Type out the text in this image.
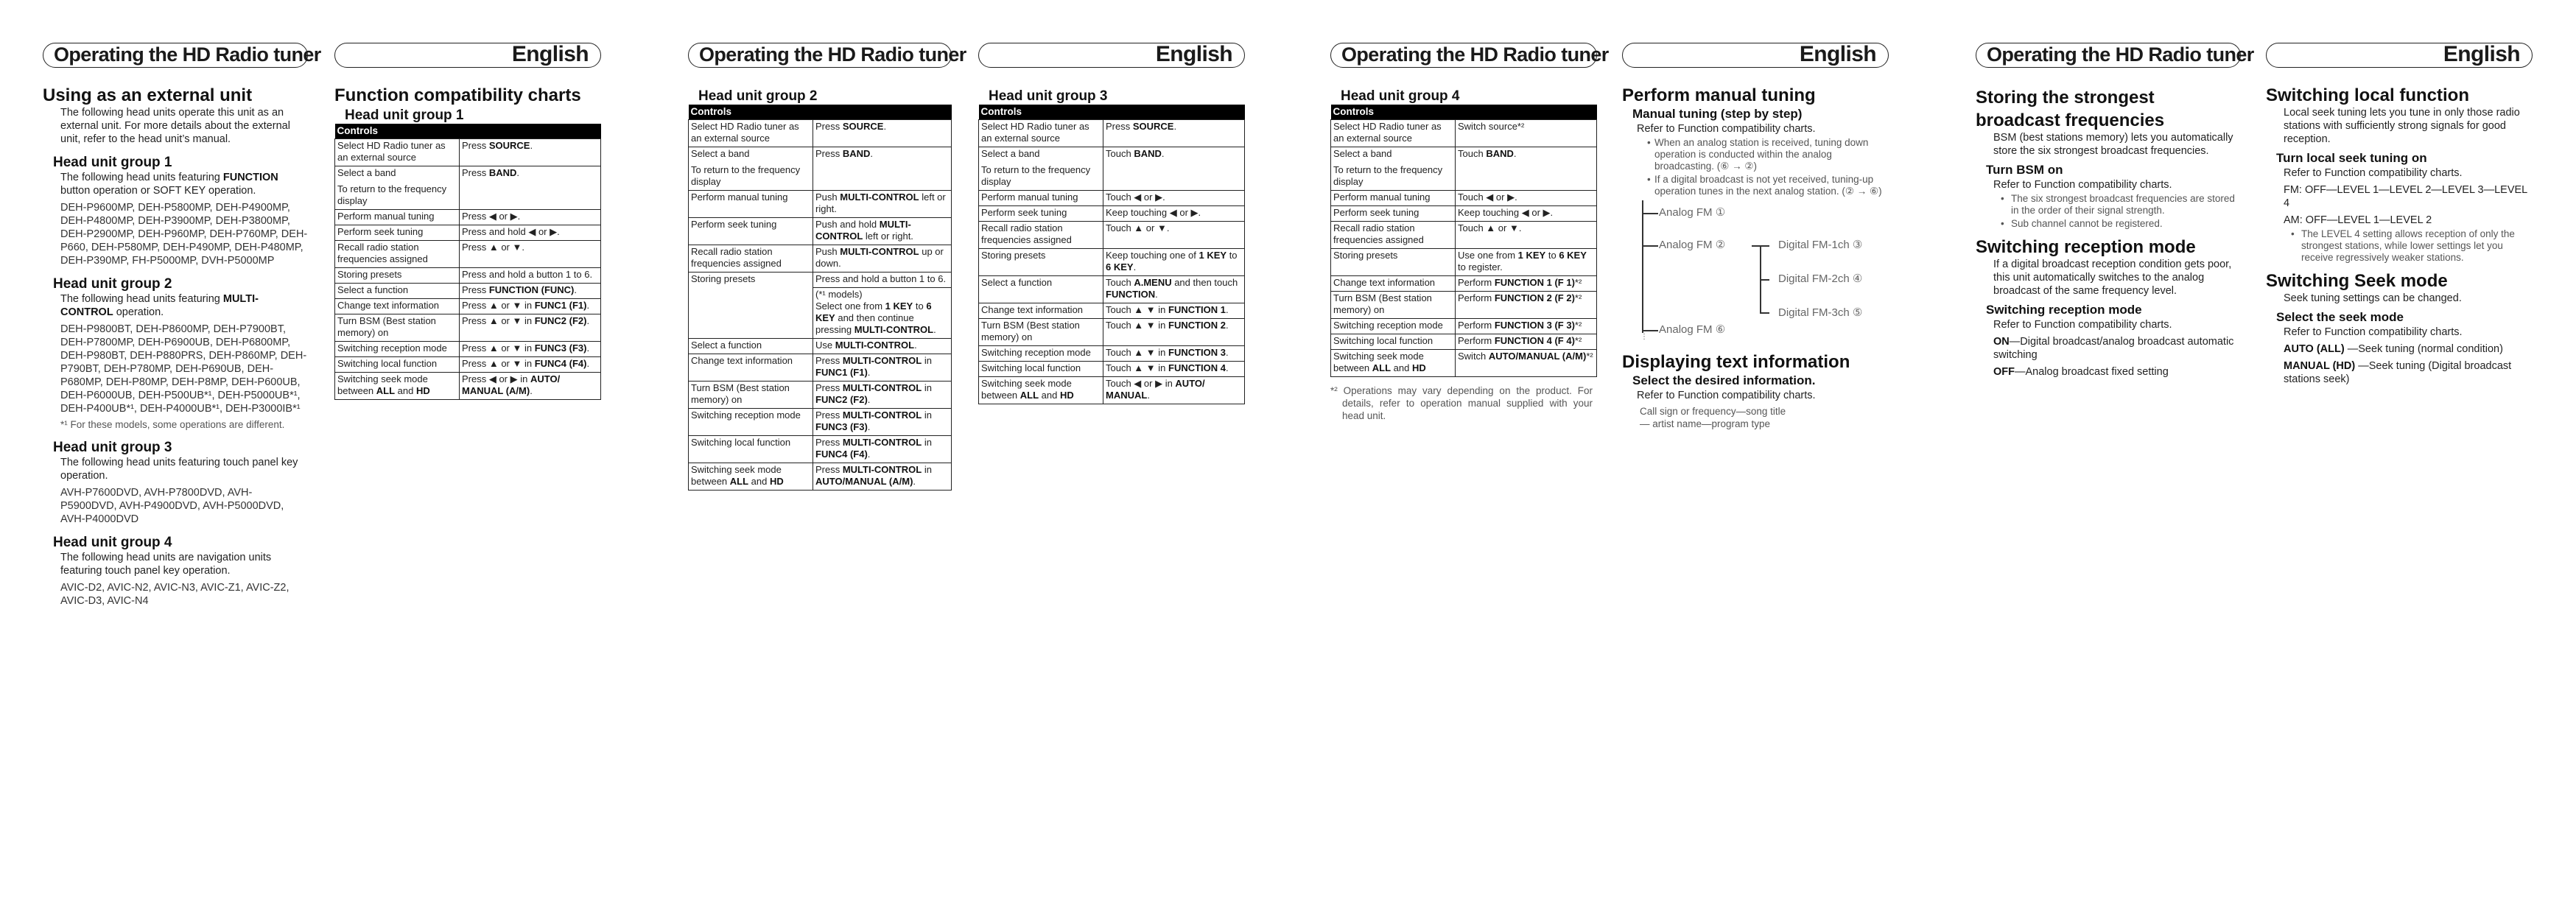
Operating the HD Radio tuner
Using as an external unit

The following head units operate this unit as an external unit. For more details about the external unit, refer to the head unit’s manual.

Head unit group 1

The following head units featuring FUNCTION button operation or SOFT KEY operation.

DEH-P9600MP, DEH-P5800MP, DEH-P4900MP, DEH-P4800MP, DEH-P3900MP, DEH-P3800MP, DEH-P2900MP, DEH-P960MP, DEH-P760MP, DEH-P660, DEH-P580MP, DEH-P490MP, DEH-P480MP, DEH-P390MP, FH-P5000MP, DVH-P5000MP

Head unit group 2

The following head units featuring MULTI-CONTROL operation.

DEH-P9800BT, DEH-P8600MP, DEH-P7900BT, DEH-P7800MP, DEH-P6900UB, DEH-P6800MP, DEH-P980BT, DEH-P880PRS, DEH-P860MP, DEH-P790BT, DEH-P780MP, DEH-P690UB, DEH-P680MP, DEH-P80MP, DEH-P8MP, DEH-P600UB, DEH-P6000UB, DEH-P500UB*¹, DEH-P5000UB*¹, DEH-P400UB*¹, DEH-P4000UB*¹, DEH-P3000IB*¹

*¹ For these models, some operations are different.

Head unit group 3

The following head units featuring touch panel key operation.

AVH-P7600DVD, AVH-P7800DVD, AVH-P5900DVD, AVH-P4900DVD, AVH-P5000DVD, AVH-P4000DVD

Head unit group 4

The following head units are navigation units featuring touch panel key operation.

AVIC-D2, AVIC-N2, AVIC-N3, AVIC-Z1, AVIC-Z2, AVIC-D3, AVIC-N4

English
Function compatibility charts
Head unit group 1
Controls	
Select HD Radio tuner as an external source	Press SOURCE.
Select a band
To return to the frequency display	Press BAND.
Perform manual tuning	Press ◀ or ▶.
Perform seek tuning	Press and hold ◀ or ▶.
Recall radio station frequencies assigned	Press ▲ or ▼.
Storing presets	Press and hold a button 1 to 6.
Select a function	Press FUNCTION (FUNC).
Change text information	Press ▲ or ▼ in FUNC1 (F1).
Turn BSM (Best station memory) on	Press ▲ or ▼ in FUNC2 (F2).
Switching reception mode	Press ▲ or ▼ in FUNC3 (F3).
Switching local function	Press ▲ or ▼ in FUNC4 (F4).
Switching seek mode between ALL and HD	Press ◀ or ▶ in AUTO/ MANUAL (A/M).
Operating the HD Radio tuner
Head unit group 2
Controls	
Select HD Radio tuner as an external source	Press SOURCE.
Select a band
To return to the frequency display	Press BAND.
Perform manual tuning	Push MULTI-CONTROL left or right.
Perform seek tuning	Push and hold MULTI-CONTROL left or right.
Recall radio station frequencies assigned	Push MULTI-CONTROL up or down.
Storing presets	Press and hold a button 1 to 6.
	(*¹ models)
Select one from 1 KEY to 6 KEY and then continue pressing MULTI-CONTROL.
Select a function	Use MULTI-CONTROL.
Change text information	Press MULTI-CONTROL in FUNC1 (F1).
Turn BSM (Best station memory) on	Press MULTI-CONTROL in FUNC2 (F2).
Switching reception mode	Press MULTI-CONTROL in FUNC3 (F3).
Switching local function	Press MULTI-CONTROL in FUNC4 (F4).
Switching seek mode between ALL and HD	Press MULTI-CONTROL in AUTO/MANUAL (A/M).
English
Head unit group 3
Controls	
Select HD Radio tuner as an external source	Press SOURCE.
Select a band
To return to the frequency display	Touch BAND.
Perform manual tuning	Touch ◀ or ▶.
Perform seek tuning	Keep touching ◀ or ▶.
Recall radio station frequencies assigned	Touch ▲ or ▼.
Storing presets	Keep touching one of 1 KEY to 6 KEY.
Select a function	Touch A.MENU and then touch FUNCTION.
Change text information	Touch ▲ ▼ in FUNCTION 1.
Turn BSM (Best station memory) on	Touch ▲ ▼ in FUNCTION 2.
Switching reception mode	Touch ▲ ▼ in FUNCTION 3.
Switching local function	Touch ▲ ▼ in FUNCTION 4.
Switching seek mode between ALL and HD	Touch ◀ or ▶ in AUTO/ MANUAL.
Operating the HD Radio tuner
Head unit group 4
Controls	
Select HD Radio tuner as an external source	Switch source*²
Select a band
To return to the frequency display	Touch BAND.
Perform manual tuning	Touch ◀ or ▶.
Perform seek tuning	Keep touching ◀ or ▶.
Recall radio station frequencies assigned	Touch ▲ or ▼.
Storing presets	Use one from 1 KEY to 6 KEY to register.
Change text information	Perform FUNCTION 1 (F 1)*²
Turn BSM (Best station memory) on	Perform FUNCTION 2 (F 2)*²
Switching reception mode	Perform FUNCTION 3 (F 3)*²
Switching local function	Perform FUNCTION 4 (F 4)*²
Switching seek mode between ALL and HD	Switch AUTO/MANUAL (A/M)*²

*² Operations may vary depending on the product. For details, refer to operation manual supplied with your head unit.

English
Perform manual tuning
Manual tuning (step by step)

Refer to Function compatibility charts.

• When an analog station is received, tuning down operation is conducted within the analog broadcasting. (⑥ → ②)
• If a digital broadcast is not yet received, tuning-up operation tunes in the next analog station. (② → ⑥)
Analog FM ①
Analog FM ②	Digital FM-1ch ③
Digital FM-2ch ④
Digital FM-3ch ⑤
Analog FM ⑥
⋮
Displaying text information
Select the desired information.

Refer to Function compatibility charts.

Call sign or frequency—song title— artist name—program type

Operating the HD Radio tuner
Storing the strongest
broadcast frequencies

BSM (best stations memory) lets you automatically store the six strongest broadcast frequencies.

Turn BSM on

Refer to Function compatibility charts.

• The six strongest broadcast frequencies are stored in the order of their signal strength.
• Sub channel cannot be registered.
Switching reception mode

If a digital broadcast reception condition gets poor, this unit automatically switches to the analog broadcast of the same frequency level.

Switching reception mode

Refer to Function compatibility charts.

ON—Digital broadcast/analog broadcast automatic switching

OFF—Analog broadcast fixed setting

English
Switching local function

Local seek tuning lets you tune in only those radio stations with sufficiently strong signals for good reception.

Turn local seek tuning on

Refer to Function compatibility charts.

FM: OFF—LEVEL 1—LEVEL 2—LEVEL 3—LEVEL 4

AM: OFF—LEVEL 1—LEVEL 2

• The LEVEL 4 setting allows reception of only the strongest stations, while lower settings let you receive regressively weaker stations.
Switching Seek mode

Seek tuning settings can be changed.

Select the seek mode

Refer to Function compatibility charts.

AUTO (ALL) —Seek tuning (normal condition)

MANUAL (HD) —Seek tuning (Digital broadcast stations seek)
